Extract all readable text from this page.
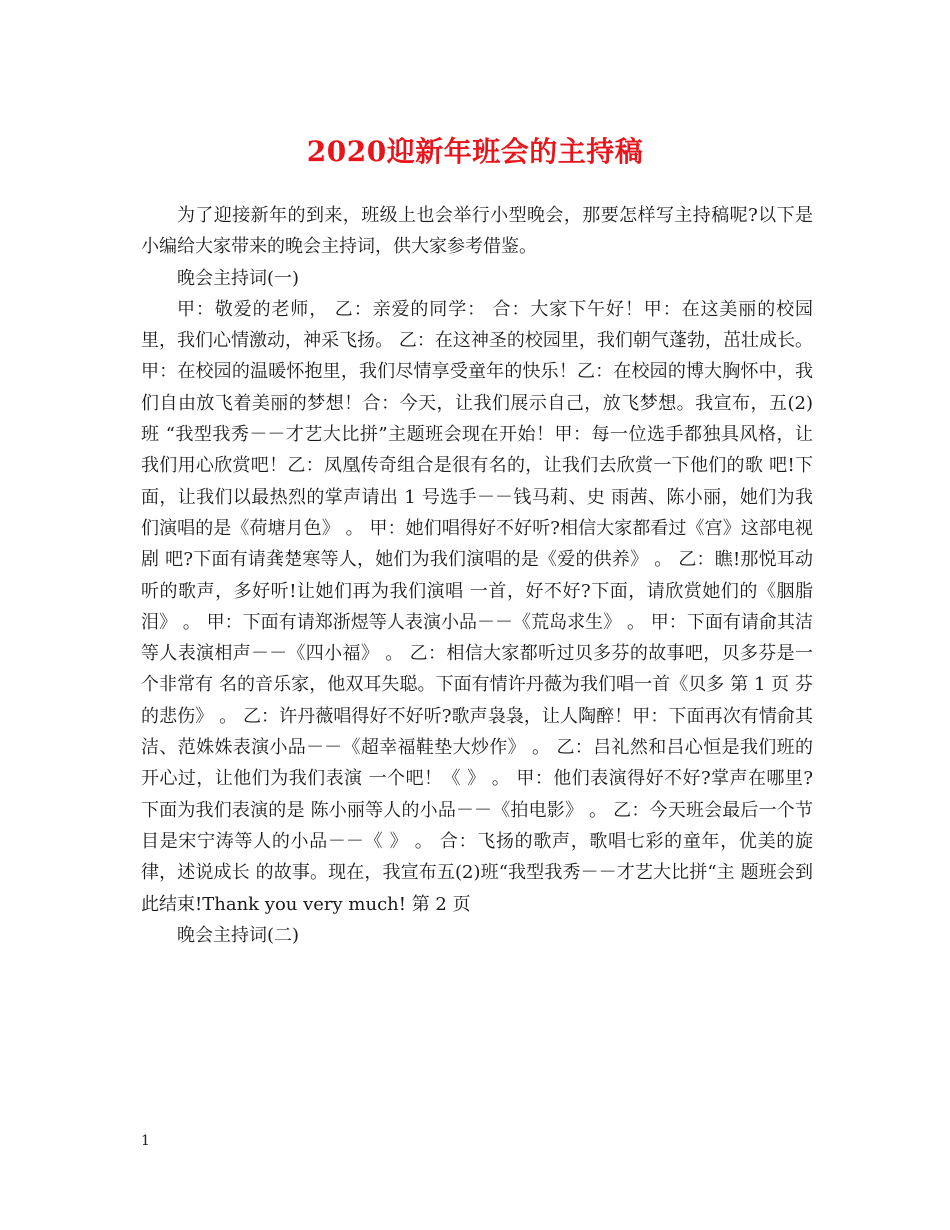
2020迎新年班会的主持稿

为了迎接新年的到来，班级上也会举行小型晚会，那要怎样写主持稿呢?以下是小编给大家带来的晚会主持词，供大家参考借鉴。

晚会主持词(一)

甲：敬爱的老师， 乙：亲爱的同学： 合：大家下午好！甲：在这美丽的校园里，我们心情激动，神采飞扬。 乙：在这神圣的校园里，我们朝气蓬勃，茁壮成长。 甲：在校园的温暖怀抱里，我们尽情享受童年的快乐！乙：在校园的博大胸怀中，我们自由放飞着美丽的梦想！合：今天，让我们展示自己，放飞梦想。我宣布，五(2)班 “我型我秀－－才艺大比拼”主题班会现在开始！甲：每一位选手都独具风格，让我们用心欣赏吧！乙：凤凰传奇组合是很有名的，让我们去欣赏一下他们的歌 吧!下面，让我们以最热烈的掌声请出 1 号选手－－钱马莉、史 雨茜、陈小丽，她们为我们演唱的是《荷塘月色》 。 甲：她们唱得好不好听?相信大家都看过《宫》这部电视剧 吧?下面有请龚楚寒等人，她们为我们演唱的是《爱的供养》 。 乙：瞧!那悦耳动听的歌声，多好听!让她们再为我们演唱 一首，好不好?下面，请欣赏她们的《胭脂泪》 。 甲：下面有请郑浙煜等人表演小品－－《荒岛求生》 。 甲：下面有请俞其洁等人表演相声－－《四小福》 。 乙：相信大家都听过贝多芬的故事吧，贝多芬是一个非常有 名的音乐家，他双耳失聪。下面有情许丹薇为我们唱一首《贝多 第 1 页 芬的悲伤》 。 乙：许丹薇唱得好不好听?歌声袅袅，让人陶醉！甲：下面再次有情俞其洁、范姝姝表演小品－－《超幸福鞋垫大炒作》 。 乙：吕礼然和吕心恒是我们班的开心过，让他们为我们表演 一个吧！《 》 。 甲：他们表演得好不好?掌声在哪里?下面为我们表演的是 陈小丽等人的小品－－《拍电影》 。 乙：今天班会最后一个节目是宋宁涛等人的小品－－《 》 。 合：飞扬的歌声，歌唱七彩的童年，优美的旋律，述说成长 的故事。现在，我宣布五(2)班“我型我秀－－才艺大比拼“主 题班会到此结束!Thank you very much! 第 2 页

晚会主持词(二)

1
